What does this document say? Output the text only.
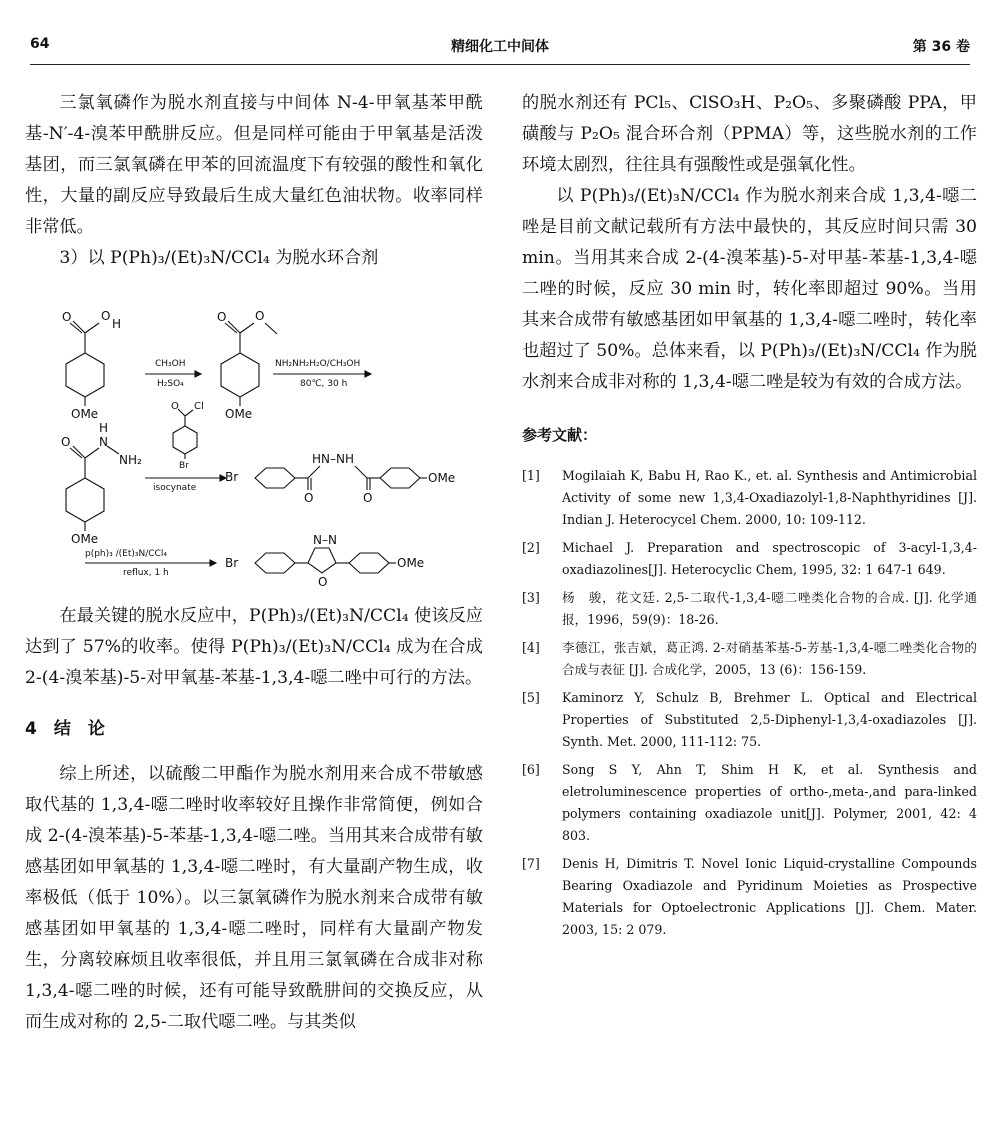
64	精细化工中间体	第 36 卷

三氯氧磷作为脱水剂直接与中间体 N-4-甲氧基苯甲酰基-N′-4-溴苯甲酰肼反应。但是同样可能由于甲氧基是活泼基团，而三氯氧磷在甲苯的回流温度下有较强的酸性和氧化性，大量的副反应导致最后生成大量红色油状物。收率同样非常低。

3）以 P(Ph)₃/(Et)₃N/CCl₄ 为脱水环合剂

O O
H
OMe
CH₃OH
H₂SO₄
O O
OMe
NH₂NH₂H₂O/CH₃OH
80℃, 30 h
O
H
N
NH₂
OMe
O Cl
Br
isocynate
Br
HN–NH
O	O
OMe
p(ph)₃ /(Et)₃N/CCl₄
reflux, 1 h
Br
N–N
O
OMe

在最关键的脱水反应中，P(Ph)₃/(Et)₃N/CCl₄ 使该反应达到了 57%的收率。使得 P(Ph)₃/(Et)₃N/CCl₄ 成为在合成 2-(4-溴苯基)-5-对甲氧基-苯基-1,3,4-噁二唑中可行的方法。

4　结　论

综上所述，以硫酸二甲酯作为脱水剂用来合成不带敏感取代基的 1,3,4-噁二唑时收率较好且操作非常简便，例如合成 2-(4-溴苯基)-5-苯基-1,3,4-噁二唑。当用其来合成带有敏感基团如甲氧基的 1,3,4-噁二唑时，有大量副产物生成，收率极低（低于 10%）。以三氯氧磷作为脱水剂来合成带有敏感基团如甲氧基的 1,3,4-噁二唑时，同样有大量副产物发生，分离较麻烦且收率很低，并且用三氯氧磷在合成非对称 1,3,4-噁二唑的时候，还有可能导致酰肼间的交换反应，从而生成对称的 2,5-二取代噁二唑。与其类似

的脱水剂还有 PCl₅、ClSO₃H、P₂O₅、多聚磷酸 PPA，甲磺酸与 P₂O₅ 混合环合剂（PPMA）等，这些脱水剂的工作环境太剧烈，往往具有强酸性或是强氧化性。

以 P(Ph)₃/(Et)₃N/CCl₄ 作为脱水剂来合成 1,3,4-噁二唑是目前文献记载所有方法中最快的，其反应时间只需 30 min。当用其来合成 2-(4-溴苯基)-5-对甲基-苯基-1,3,4-噁二唑的时候，反应 30 min 时，转化率即超过 90%。当用其来合成带有敏感基团如甲氧基的 1,3,4-噁二唑时，转化率也超过了 50%。总体来看，以 P(Ph)₃/(Et)₃N/CCl₄ 作为脱水剂来合成非对称的 1,3,4-噁二唑是较为有效的合成方法。

参考文献：
[1] Mogilaiah K, Babu H, Rao K., et. al. Synthesis and Antimicrobial Activity of some new 1,3,4-Oxadiazolyl-1,8-Naphthyridines [J]. Indian J. Heterocycel Chem. 2000, 10: 109-112.
[2] Michael J. Preparation and spectroscopic of 3-acyl-1,3,4-oxadiazolines[J]. Heterocyclic Chem, 1995, 32: 1 647-1 649.
[3] 杨　骏，花文廷. 2,5-二取代-1,3,4-噁二唑类化合物的合成. [J]. 化学通报，1996，59(9)：18-26.
[4] 李德江，张吉斌，葛正鸿. 2-对硝基苯基-5-芳基-1,3,4-噁二唑类化合物的合成与表征 [J]. 合成化学，2005，13 (6)：156-159.
[5] Kaminorz Y, Schulz B, Brehmer L. Optical and Electrical Properties of Substituted 2,5-Diphenyl-1,3,4-oxadiazoles [J]. Synth. Met. 2000, 111-112: 75.
[6] Song S Y, Ahn T, Shim H K, et al. Synthesis and eletroluminescence properties of ortho-,meta-,and para-linked polymers containing oxadiazole unit[J]. Polymer, 2001, 42: 4 803.
[7] Denis H, Dimitris T. Novel Ionic Liquid-crystalline Compounds Bearing Oxadiazole and Pyridinum Moieties as Prospective Materials for Optoelectronic Applications [J]. Chem. Mater. 2003, 15: 2 079.
